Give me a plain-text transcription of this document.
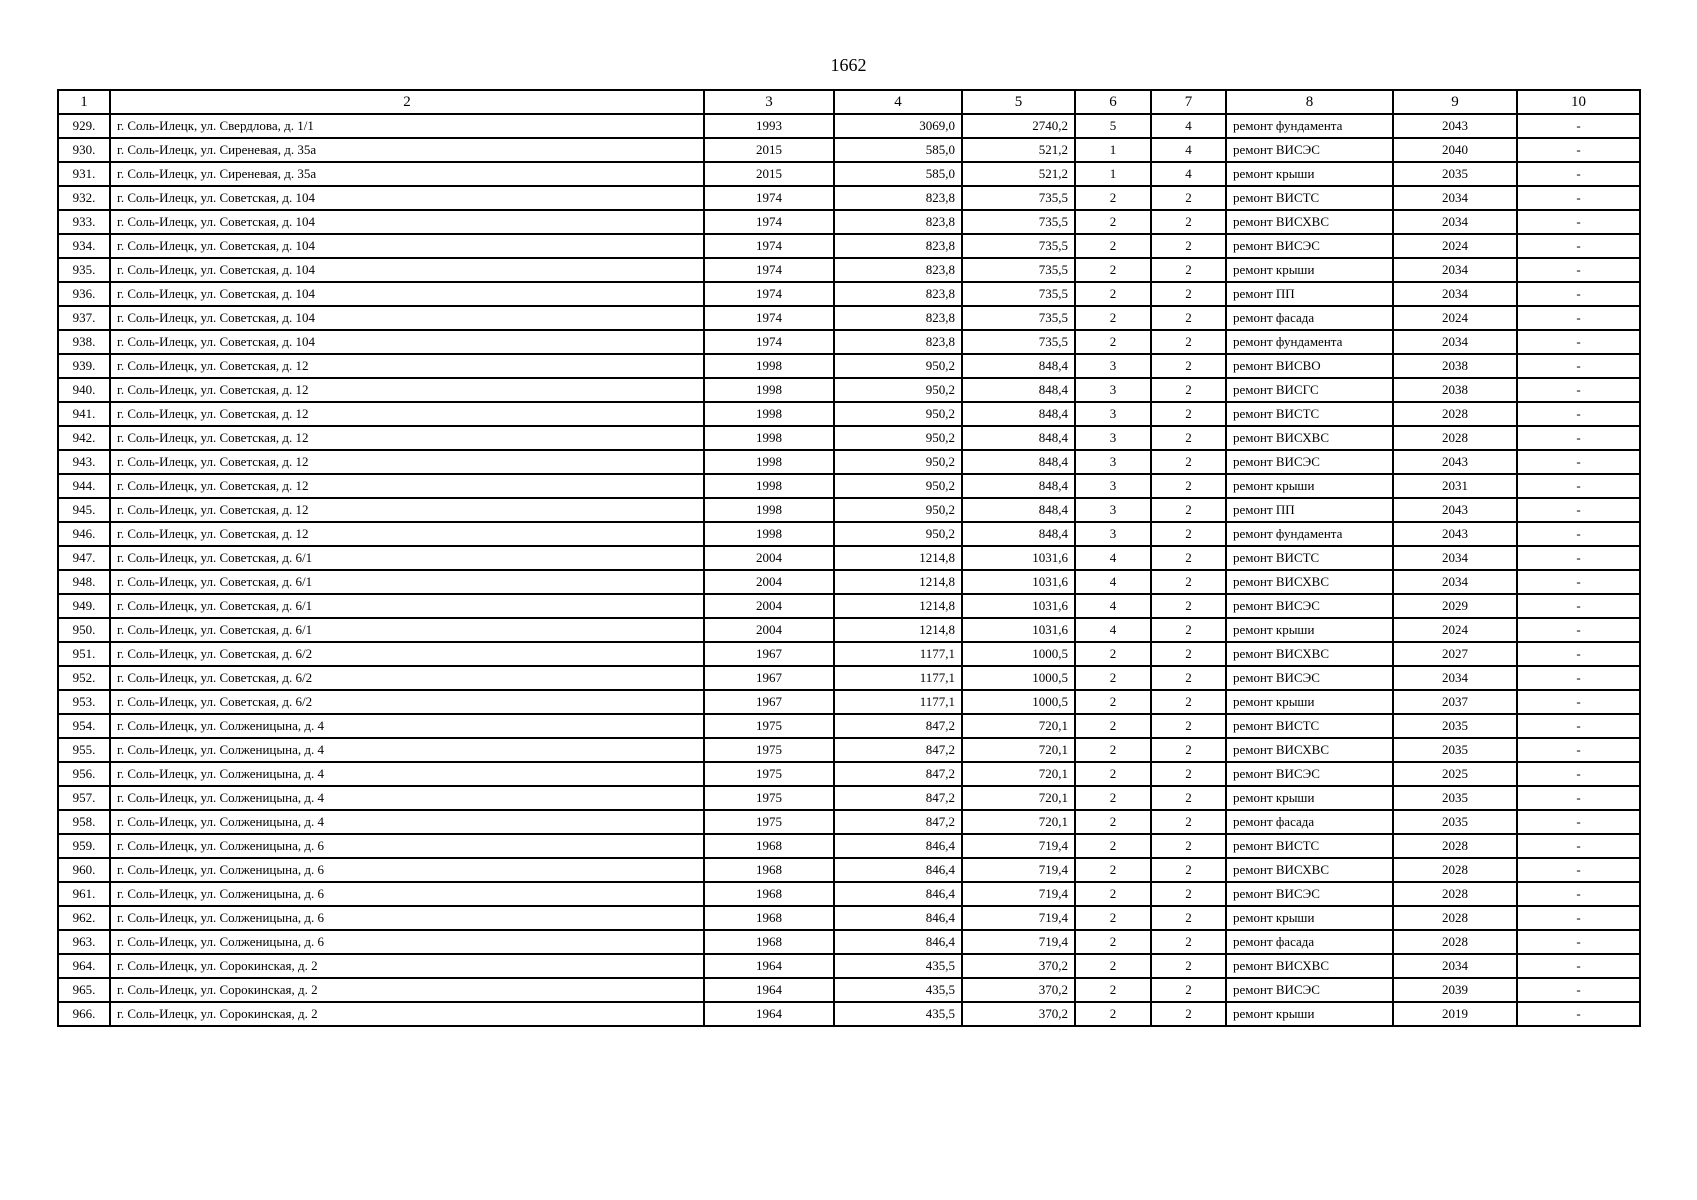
1662
1	2	3	4	5	6	7	8	9	10
929.	г. Соль-Илецк, ул. Свердлова, д. 1/1	1993	3069,0	2740,2	5	4	ремонт фундамента	2043	-
930.	г. Соль-Илецк, ул. Сиреневая, д. 35а	2015	585,0	521,2	1	4	ремонт ВИСЭС	2040	-
931.	г. Соль-Илецк, ул. Сиреневая, д. 35а	2015	585,0	521,2	1	4	ремонт крыши	2035	-
932.	г. Соль-Илецк, ул. Советская, д. 104	1974	823,8	735,5	2	2	ремонт ВИСТС	2034	-
933.	г. Соль-Илецк, ул. Советская, д. 104	1974	823,8	735,5	2	2	ремонт ВИСХВС	2034	-
934.	г. Соль-Илецк, ул. Советская, д. 104	1974	823,8	735,5	2	2	ремонт ВИСЭС	2024	-
935.	г. Соль-Илецк, ул. Советская, д. 104	1974	823,8	735,5	2	2	ремонт крыши	2034	-
936.	г. Соль-Илецк, ул. Советская, д. 104	1974	823,8	735,5	2	2	ремонт ПП	2034	-
937.	г. Соль-Илецк, ул. Советская, д. 104	1974	823,8	735,5	2	2	ремонт фасада	2024	-
938.	г. Соль-Илецк, ул. Советская, д. 104	1974	823,8	735,5	2	2	ремонт фундамента	2034	-
939.	г. Соль-Илецк, ул. Советская, д. 12	1998	950,2	848,4	3	2	ремонт ВИСВО	2038	-
940.	г. Соль-Илецк, ул. Советская, д. 12	1998	950,2	848,4	3	2	ремонт ВИСГС	2038	-
941.	г. Соль-Илецк, ул. Советская, д. 12	1998	950,2	848,4	3	2	ремонт ВИСТС	2028	-
942.	г. Соль-Илецк, ул. Советская, д. 12	1998	950,2	848,4	3	2	ремонт ВИСХВС	2028	-
943.	г. Соль-Илецк, ул. Советская, д. 12	1998	950,2	848,4	3	2	ремонт ВИСЭС	2043	-
944.	г. Соль-Илецк, ул. Советская, д. 12	1998	950,2	848,4	3	2	ремонт крыши	2031	-
945.	г. Соль-Илецк, ул. Советская, д. 12	1998	950,2	848,4	3	2	ремонт ПП	2043	-
946.	г. Соль-Илецк, ул. Советская, д. 12	1998	950,2	848,4	3	2	ремонт фундамента	2043	-
947.	г. Соль-Илецк, ул. Советская, д. 6/1	2004	1214,8	1031,6	4	2	ремонт ВИСТС	2034	-
948.	г. Соль-Илецк, ул. Советская, д. 6/1	2004	1214,8	1031,6	4	2	ремонт ВИСХВС	2034	-
949.	г. Соль-Илецк, ул. Советская, д. 6/1	2004	1214,8	1031,6	4	2	ремонт ВИСЭС	2029	-
950.	г. Соль-Илецк, ул. Советская, д. 6/1	2004	1214,8	1031,6	4	2	ремонт крыши	2024	-
951.	г. Соль-Илецк, ул. Советская, д. 6/2	1967	1177,1	1000,5	2	2	ремонт ВИСХВС	2027	-
952.	г. Соль-Илецк, ул. Советская, д. 6/2	1967	1177,1	1000,5	2	2	ремонт ВИСЭС	2034	-
953.	г. Соль-Илецк, ул. Советская, д. 6/2	1967	1177,1	1000,5	2	2	ремонт крыши	2037	-
954.	г. Соль-Илецк, ул. Солженицына, д. 4	1975	847,2	720,1	2	2	ремонт ВИСТС	2035	-
955.	г. Соль-Илецк, ул. Солженицына, д. 4	1975	847,2	720,1	2	2	ремонт ВИСХВС	2035	-
956.	г. Соль-Илецк, ул. Солженицына, д. 4	1975	847,2	720,1	2	2	ремонт ВИСЭС	2025	-
957.	г. Соль-Илецк, ул. Солженицына, д. 4	1975	847,2	720,1	2	2	ремонт крыши	2035	-
958.	г. Соль-Илецк, ул. Солженицына, д. 4	1975	847,2	720,1	2	2	ремонт фасада	2035	-
959.	г. Соль-Илецк, ул. Солженицына, д. 6	1968	846,4	719,4	2	2	ремонт ВИСТС	2028	-
960.	г. Соль-Илецк, ул. Солженицына, д. 6	1968	846,4	719,4	2	2	ремонт ВИСХВС	2028	-
961.	г. Соль-Илецк, ул. Солженицына, д. 6	1968	846,4	719,4	2	2	ремонт ВИСЭС	2028	-
962.	г. Соль-Илецк, ул. Солженицына, д. 6	1968	846,4	719,4	2	2	ремонт крыши	2028	-
963.	г. Соль-Илецк, ул. Солженицына, д. 6	1968	846,4	719,4	2	2	ремонт фасада	2028	-
964.	г. Соль-Илецк, ул. Сорокинская, д. 2	1964	435,5	370,2	2	2	ремонт ВИСХВС	2034	-
965.	г. Соль-Илецк, ул. Сорокинская, д. 2	1964	435,5	370,2	2	2	ремонт ВИСЭС	2039	-
966.	г. Соль-Илецк, ул. Сорокинская, д. 2	1964	435,5	370,2	2	2	ремонт крыши	2019	-
